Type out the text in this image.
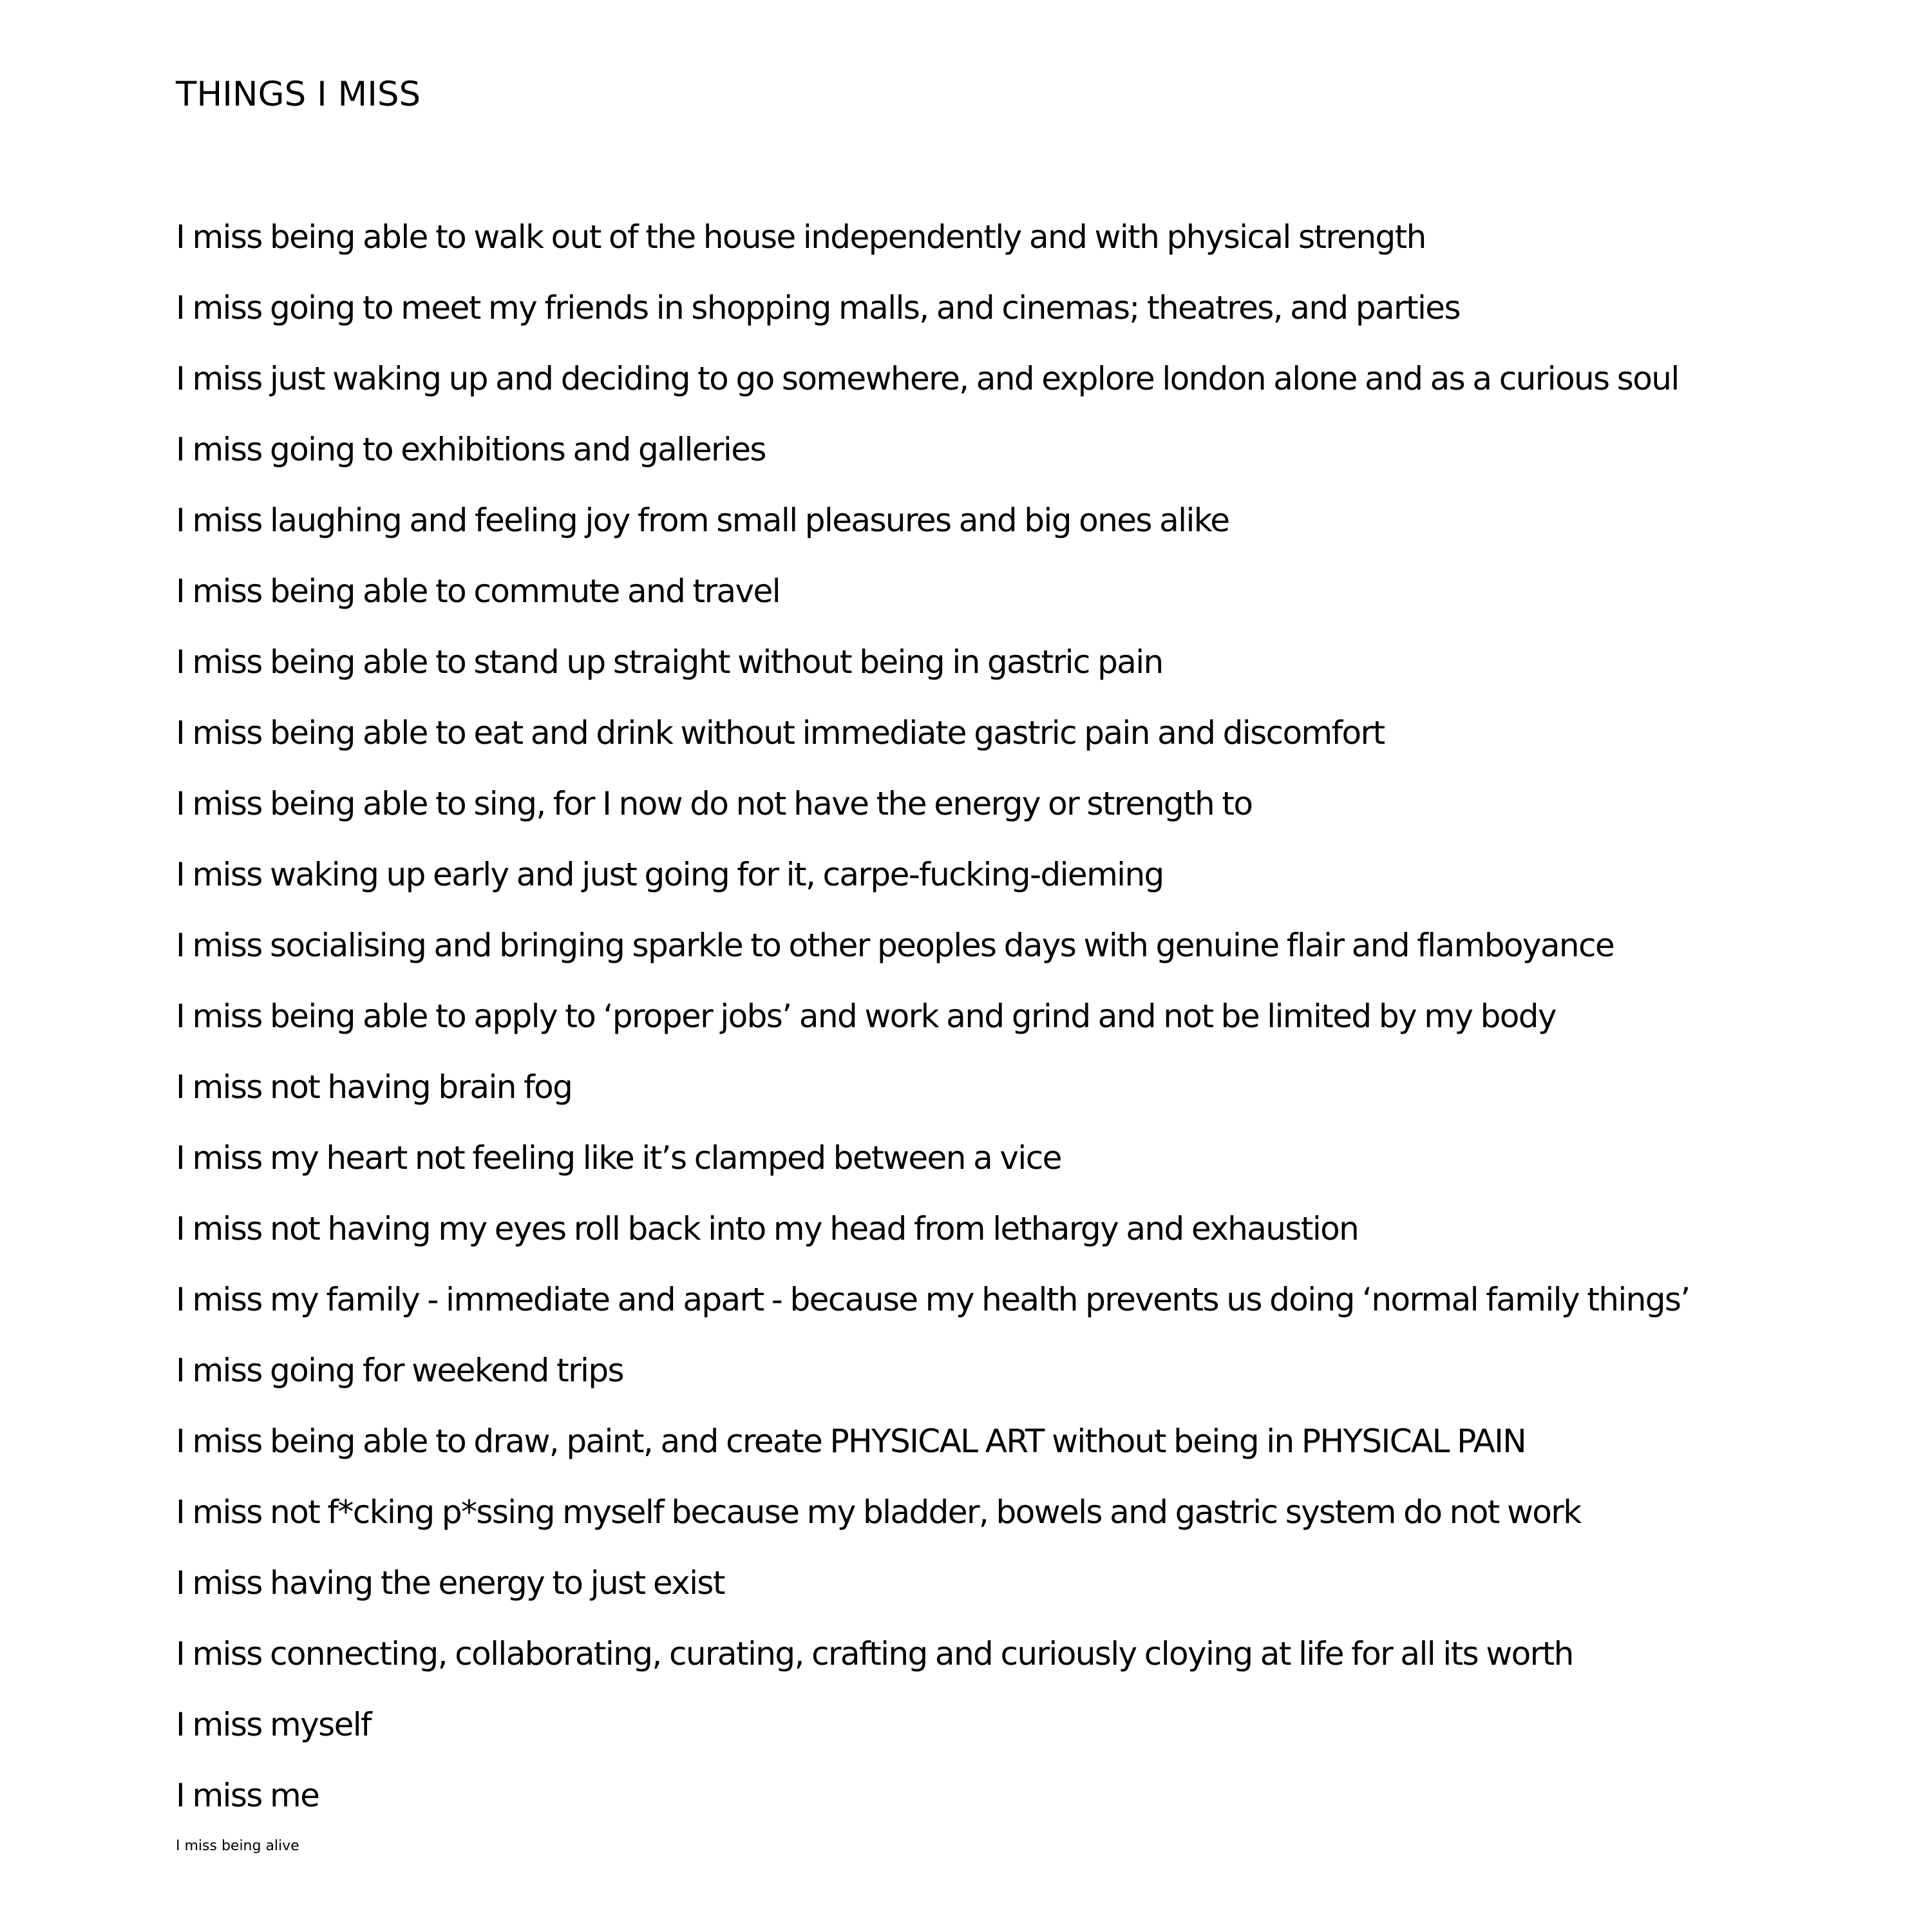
THINGS I MISS
I miss being able to walk out of the house independently and with physical strength
I miss going to meet my friends in shopping malls, and cinemas; theatres, and parties
I miss just waking up and deciding to go somewhere, and explore london alone and as a curious soul
I miss going to exhibitions and galleries
I miss laughing and feeling joy from small pleasures and big ones alike
I miss being able to commute and travel
I miss being able to stand up straight without being in gastric pain
I miss being able to eat and drink without immediate gastric pain and discomfort
I miss being able to sing, for I now do not have the energy or strength to
I miss waking up early and just going for it, carpe-fucking-dieming
I miss socialising and bringing sparkle to other peoples days with genuine flair and flamboyance
I miss being able to apply to ‘proper jobs’ and work and grind and not be limited by my body
I miss not having brain fog
I miss my heart not feeling like it’s clamped between a vice
I miss not having my eyes roll back into my head from lethargy and exhaustion
I miss my family - immediate and apart - because my health prevents us doing ‘normal family things’
I miss going for weekend trips
I miss being able to draw, paint, and create PHYSICAL ART without being in PHYSICAL PAIN
I miss not f*cking p*ssing myself because my bladder, bowels and gastric system do not work
I miss having the energy to just exist
I miss connecting, collaborating, curating, crafting and curiously cloying at life for all its worth
I miss myself
I miss me

I miss being alive
